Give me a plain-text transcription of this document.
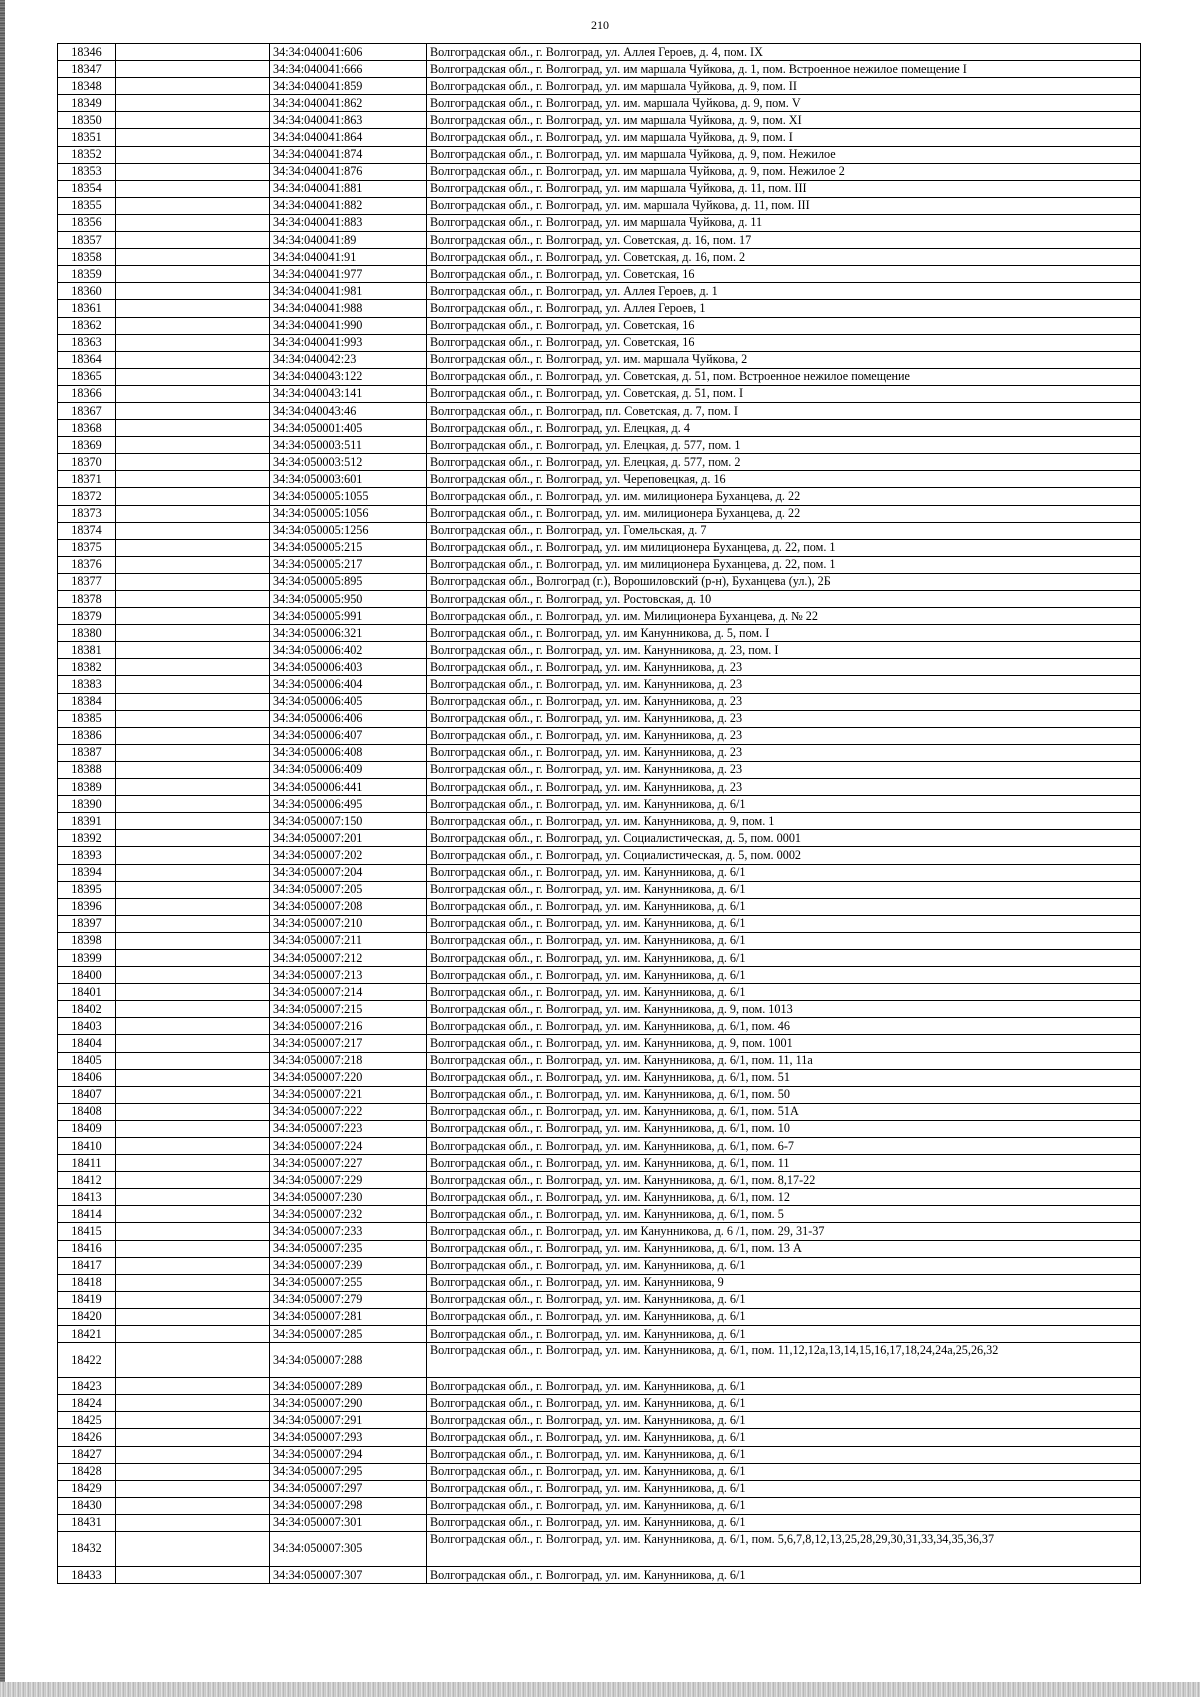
210
18346		34:34:040041:606	Волгоградская обл., г. Волгоград, ул. Аллея Героев, д. 4, пом. IX
18347		34:34:040041:666	Волгоградская обл., г. Волгоград, ул. им маршала Чуйкова, д. 1, пом. Встроенное нежилое помещение I
18348		34:34:040041:859	Волгоградская обл., г. Волгоград, ул. им маршала Чуйкова, д. 9, пом. II
18349		34:34:040041:862	Волгоградская обл., г. Волгоград, ул. им. маршала Чуйкова, д. 9, пом. V
18350		34:34:040041:863	Волгоградская обл., г. Волгоград, ул. им маршала Чуйкова, д. 9, пом. XI
18351		34:34:040041:864	Волгоградская обл., г. Волгоград, ул. им маршала Чуйкова, д. 9, пом. I
18352		34:34:040041:874	Волгоградская обл., г. Волгоград, ул. им маршала Чуйкова, д. 9, пом. Нежилое
18353		34:34:040041:876	Волгоградская обл., г. Волгоград, ул. им маршала Чуйкова, д. 9, пом. Нежилое 2
18354		34:34:040041:881	Волгоградская обл., г. Волгоград, ул. им маршала Чуйкова, д. 11, пом. III
18355		34:34:040041:882	Волгоградская обл., г. Волгоград, ул. им. маршала Чуйкова, д. 11, пом. III
18356		34:34:040041:883	Волгоградская обл., г. Волгоград, ул. им маршала Чуйкова, д. 11
18357		34:34:040041:89	Волгоградская обл., г. Волгоград, ул. Советская, д. 16, пом. 17
18358		34:34:040041:91	Волгоградская обл., г. Волгоград, ул. Советская, д. 16, пом. 2
18359		34:34:040041:977	Волгоградская обл., г. Волгоград, ул. Советская, 16
18360		34:34:040041:981	Волгоградская обл., г. Волгоград, ул. Аллея Героев, д. 1
18361		34:34:040041:988	Волгоградская обл., г. Волгоград, ул. Аллея Героев, 1
18362		34:34:040041:990	Волгоградская обл., г. Волгоград, ул. Советская, 16
18363		34:34:040041:993	Волгоградская обл., г. Волгоград, ул. Советская, 16
18364		34:34:040042:23	Волгоградская обл., г. Волгоград, ул. им. маршала Чуйкова, 2
18365		34:34:040043:122	Волгоградская обл., г. Волгоград, ул. Советская, д. 51, пом. Встроенное нежилое помещение
18366		34:34:040043:141	Волгоградская обл., г. Волгоград, ул. Советская, д. 51, пом. I
18367		34:34:040043:46	Волгоградская обл., г. Волгоград, пл. Советская, д. 7, пом. I
18368		34:34:050001:405	Волгоградская обл., г. Волгоград, ул. Елецкая, д. 4
18369		34:34:050003:511	Волгоградская обл., г. Волгоград, ул. Елецкая, д. 577, пом. 1
18370		34:34:050003:512	Волгоградская обл., г. Волгоград, ул. Елецкая, д. 577, пом. 2
18371		34:34:050003:601	Волгоградская обл., г. Волгоград, ул. Череповецкая, д. 16
18372		34:34:050005:1055	Волгоградская обл., г. Волгоград, ул. им. милиционера Буханцева, д. 22
18373		34:34:050005:1056	Волгоградская обл., г. Волгоград, ул. им. милиционера Буханцева, д. 22
18374		34:34:050005:1256	Волгоградская обл., г. Волгоград, ул. Гомельская, д. 7
18375		34:34:050005:215	Волгоградская обл., г. Волгоград, ул. им милиционера Буханцева, д. 22, пом. 1
18376		34:34:050005:217	Волгоградская обл., г. Волгоград, ул. им милиционера Буханцева, д. 22, пом. 1
18377		34:34:050005:895	Волгоградская обл., Волгоград (г.), Ворошиловский (р-н), Буханцева (ул.), 2Б
18378		34:34:050005:950	Волгоградская обл., г. Волгоград, ул. Ростовская, д. 10
18379		34:34:050005:991	Волгоградская обл., г. Волгоград, ул. им. Милиционера Буханцева, д. № 22
18380		34:34:050006:321	Волгоградская обл., г. Волгоград, ул. им Канунникова, д. 5, пом. I
18381		34:34:050006:402	Волгоградская обл., г. Волгоград, ул. им. Канунникова, д. 23, пом. I
18382		34:34:050006:403	Волгоградская обл., г. Волгоград, ул. им. Канунникова, д. 23
18383		34:34:050006:404	Волгоградская обл., г. Волгоград, ул. им. Канунникова, д. 23
18384		34:34:050006:405	Волгоградская обл., г. Волгоград, ул. им. Канунникова, д. 23
18385		34:34:050006:406	Волгоградская обл., г. Волгоград, ул. им. Канунникова, д. 23
18386		34:34:050006:407	Волгоградская обл., г. Волгоград, ул. им. Канунникова, д. 23
18387		34:34:050006:408	Волгоградская обл., г. Волгоград, ул. им. Канунникова, д. 23
18388		34:34:050006:409	Волгоградская обл., г. Волгоград, ул. им. Канунникова, д. 23
18389		34:34:050006:441	Волгоградская обл., г. Волгоград, ул. им. Канунникова, д. 23
18390		34:34:050006:495	Волгоградская обл., г. Волгоград, ул. им. Канунникова, д. 6/1
18391		34:34:050007:150	Волгоградская обл., г. Волгоград, ул. им. Канунникова, д. 9, пом. 1
18392		34:34:050007:201	Волгоградская обл., г. Волгоград, ул. Социалистическая, д. 5, пом. 0001
18393		34:34:050007:202	Волгоградская обл., г. Волгоград, ул. Социалистическая, д. 5, пом. 0002
18394		34:34:050007:204	Волгоградская обл., г. Волгоград, ул. им. Канунникова, д. 6/1
18395		34:34:050007:205	Волгоградская обл., г. Волгоград, ул. им. Канунникова, д. 6/1
18396		34:34:050007:208	Волгоградская обл., г. Волгоград, ул. им. Канунникова, д. 6/1
18397		34:34:050007:210	Волгоградская обл., г. Волгоград, ул. им. Канунникова, д. 6/1
18398		34:34:050007:211	Волгоградская обл., г. Волгоград, ул. им. Канунникова, д. 6/1
18399		34:34:050007:212	Волгоградская обл., г. Волгоград, ул. им. Канунникова, д. 6/1
18400		34:34:050007:213	Волгоградская обл., г. Волгоград, ул. им. Канунникова, д. 6/1
18401		34:34:050007:214	Волгоградская обл., г. Волгоград, ул. им. Канунникова, д. 6/1
18402		34:34:050007:215	Волгоградская обл., г. Волгоград, ул. им. Канунникова, д. 9, пом. 1013
18403		34:34:050007:216	Волгоградская обл., г. Волгоград, ул. им. Канунникова, д. 6/1, пом. 46
18404		34:34:050007:217	Волгоградская обл., г. Волгоград, ул. им. Канунникова, д. 9, пом. 1001
18405		34:34:050007:218	Волгоградская обл., г. Волгоград, ул. им. Канунникова, д. 6/1, пом. 11, 11а
18406		34:34:050007:220	Волгоградская обл., г. Волгоград, ул. им. Канунникова, д. 6/1, пом. 51
18407		34:34:050007:221	Волгоградская обл., г. Волгоград, ул. им. Канунникова, д. 6/1, пом. 50
18408		34:34:050007:222	Волгоградская обл., г. Волгоград, ул. им. Канунникова, д. 6/1, пом. 51А
18409		34:34:050007:223	Волгоградская обл., г. Волгоград, ул. им. Канунникова, д. 6/1, пом. 10
18410		34:34:050007:224	Волгоградская обл., г. Волгоград, ул. им. Канунникова, д. 6/1, пом. 6-7
18411		34:34:050007:227	Волгоградская обл., г. Волгоград, ул. им. Канунникова, д. 6/1, пом. 11
18412		34:34:050007:229	Волгоградская обл., г. Волгоград, ул. им. Канунникова, д. 6/1, пом. 8,17-22
18413		34:34:050007:230	Волгоградская обл., г. Волгоград, ул. им. Канунникова, д. 6/1, пом. 12
18414		34:34:050007:232	Волгоградская обл., г. Волгоград, ул. им. Канунникова, д. 6/1, пом. 5
18415		34:34:050007:233	Волгоградская обл., г. Волгоград, ул. им Канунникова, д. 6 /1, пом. 29, 31-37
18416		34:34:050007:235	Волгоградская обл., г. Волгоград, ул. им. Канунникова, д. 6/1, пом. 13 А
18417		34:34:050007:239	Волгоградская обл., г. Волгоград, ул. им. Канунникова, д. 6/1
18418		34:34:050007:255	Волгоградская обл., г. Волгоград, ул. им. Канунникова, 9
18419		34:34:050007:279	Волгоградская обл., г. Волгоград, ул. им. Канунникова, д. 6/1
18420		34:34:050007:281	Волгоградская обл., г. Волгоград, ул. им. Канунникова, д. 6/1
18421		34:34:050007:285	Волгоградская обл., г. Волгоград, ул. им. Канунникова, д. 6/1
18422		34:34:050007:288	Волгоградская обл., г. Волгоград, ул. им. Канунникова, д. 6/1, пом. 11,12,12а,13,14,15,16,17,18,24,24а,25,26,32
18423		34:34:050007:289	Волгоградская обл., г. Волгоград, ул. им. Канунникова, д. 6/1
18424		34:34:050007:290	Волгоградская обл., г. Волгоград, ул. им. Канунникова, д. 6/1
18425		34:34:050007:291	Волгоградская обл., г. Волгоград, ул. им. Канунникова, д. 6/1
18426		34:34:050007:293	Волгоградская обл., г. Волгоград, ул. им. Канунникова, д. 6/1
18427		34:34:050007:294	Волгоградская обл., г. Волгоград, ул. им. Канунникова, д. 6/1
18428		34:34:050007:295	Волгоградская обл., г. Волгоград, ул. им. Канунникова, д. 6/1
18429		34:34:050007:297	Волгоградская обл., г. Волгоград, ул. им. Канунникова, д. 6/1
18430		34:34:050007:298	Волгоградская обл., г. Волгоград, ул. им. Канунникова, д. 6/1
18431		34:34:050007:301	Волгоградская обл., г. Волгоград, ул. им. Канунникова, д. 6/1
18432		34:34:050007:305	Волгоградская обл., г. Волгоград, ул. им. Канунникова, д. 6/1, пом. 5,6,7,8,12,13,25,28,29,30,31,33,34,35,36,37
18433		34:34:050007:307	Волгоградская обл., г. Волгоград, ул. им. Канунникова, д. 6/1
